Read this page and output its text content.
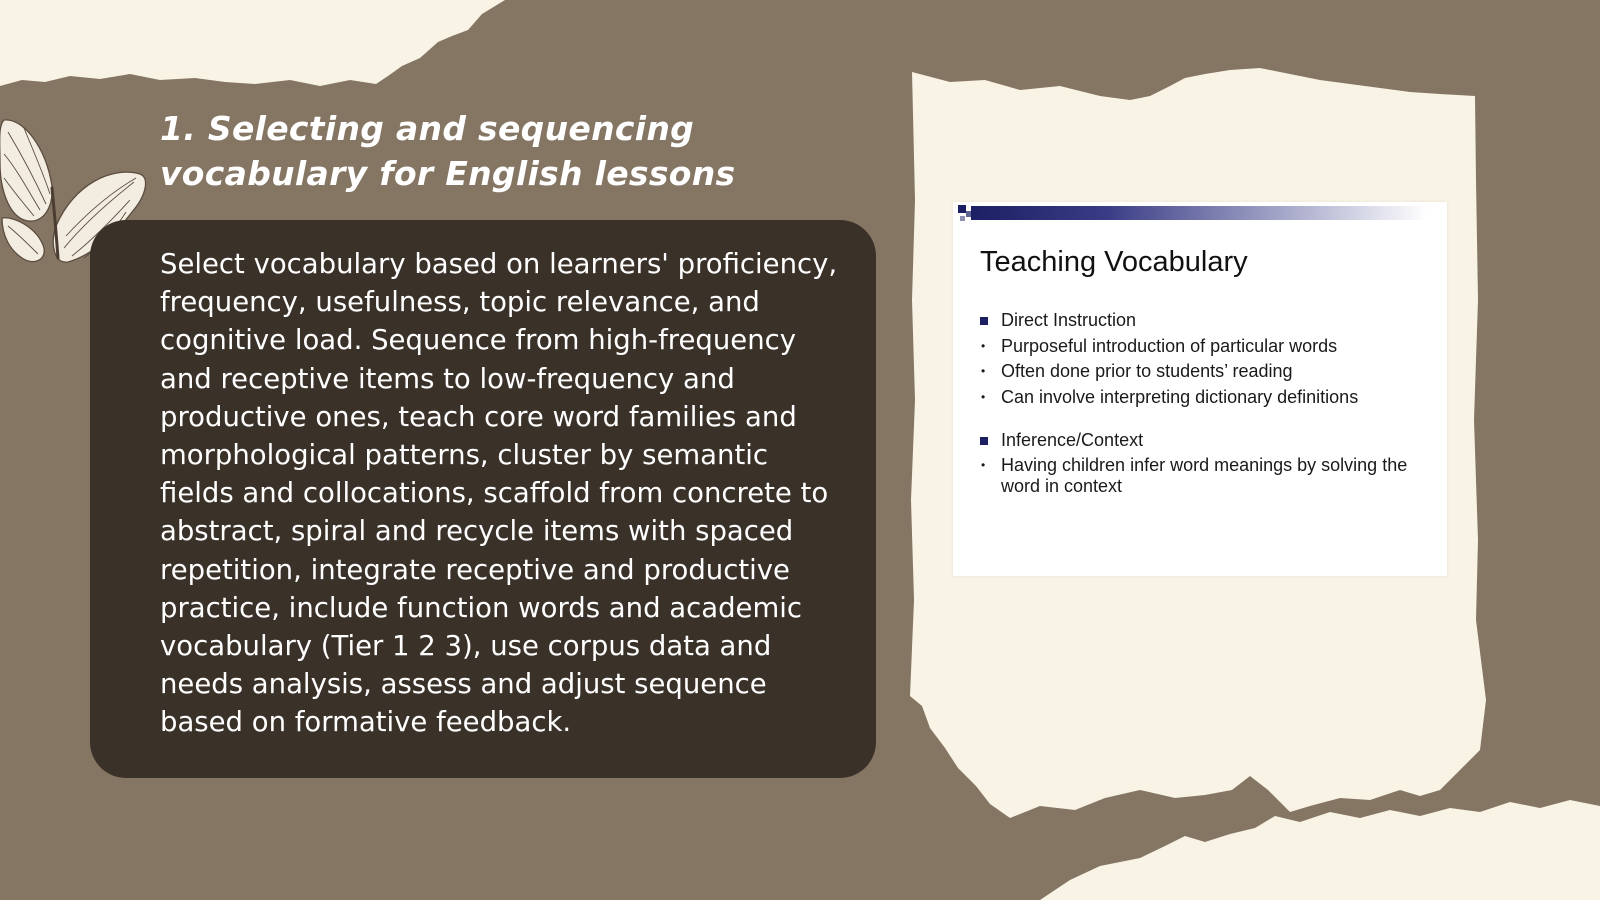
1. Selecting and sequencing
vocabulary for English lessons

Select vocabulary based on learners' proficiency, frequency, usefulness, topic relevance, and cognitive load. Sequence from high-frequency and receptive items to low-frequency and productive ones, teach core word families and morphological patterns, cluster by semantic fields and collocations, scaffold from concrete to abstract, spiral and recycle items with spaced repetition, integrate receptive and productive practice, include function words and academic vocabulary (Tier 1 2 3), use corpus data and needs analysis, assess and adjust sequence based on formative feedback.

Teaching Vocabulary
Direct Instruction
• Purposeful introduction of particular words
• Often done prior to students’ reading
• Can involve interpreting dictionary definitions
Inference/Context
• Having children infer word meanings by solving the word in context
